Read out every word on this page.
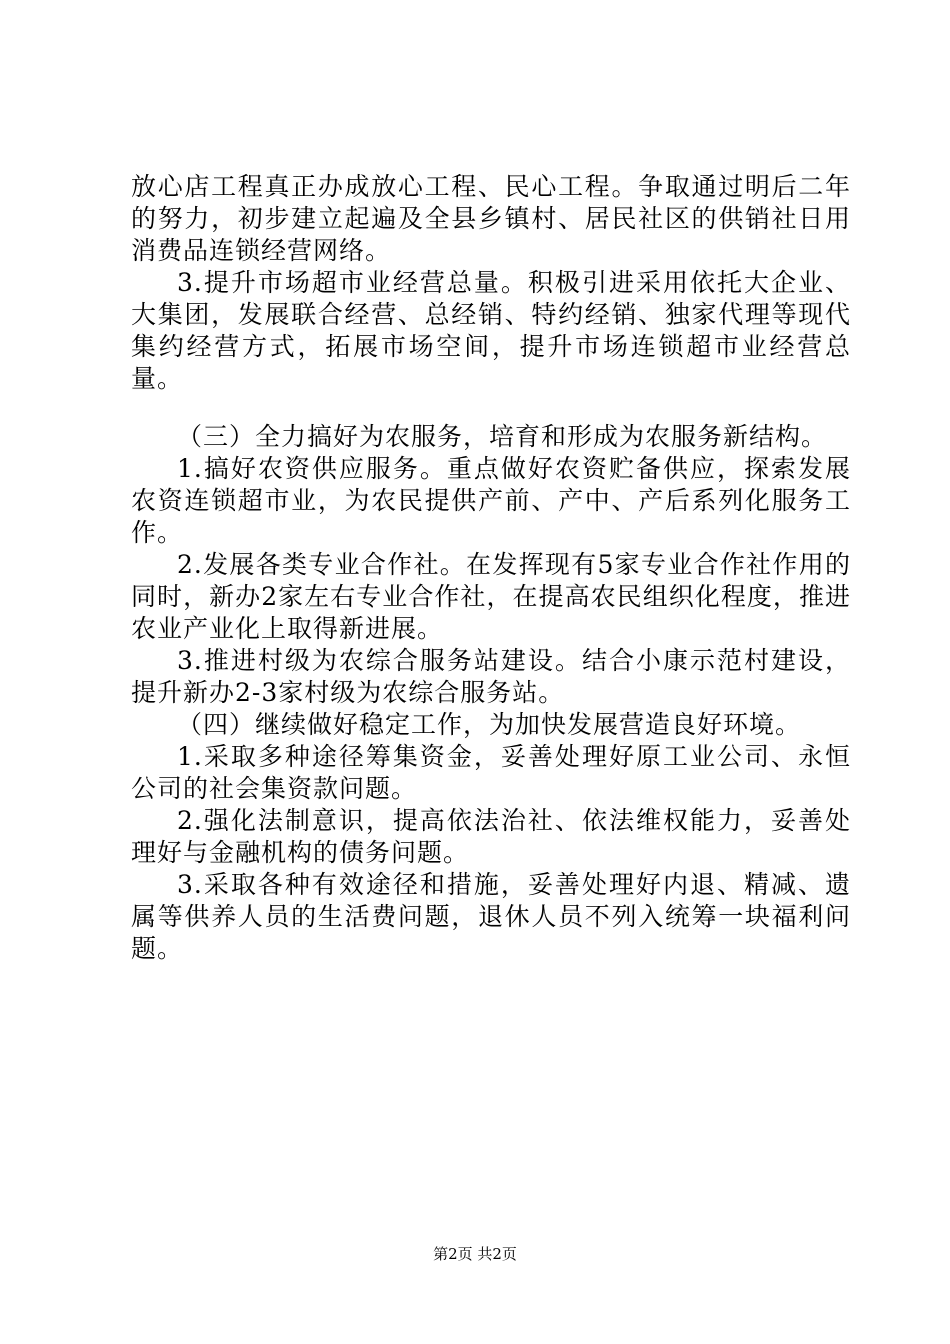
放心店工程真正办成放心工程、民心工程。争取通过明后二年的努力，初步建立起遍及全县乡镇村、居民社区的供销社日用消费品连锁经营网络。

3.提升市场超市业经营总量。积极引进采用依托大企业、大集团，发展联合经营、总经销、特约经销、独家代理等现代集约经营方式，拓展市场空间，提升市场连锁超市业经营总量。

（三）全力搞好为农服务，培育和形成为农服务新结构。

1.搞好农资供应服务。重点做好农资贮备供应，探索发展农资连锁超市业，为农民提供产前、产中、产后系列化服务工作。

2.发展各类专业合作社。在发挥现有5家专业合作社作用的同时，新办2家左右专业合作社，在提高农民组织化程度，推进农业产业化上取得新进展。

3.推进村级为农综合服务站建设。结合小康示范村建设，提升新办2-3家村级为农综合服务站。

（四）继续做好稳定工作，为加快发展营造良好环境。

1.采取多种途径筹集资金，妥善处理好原工业公司、永恒公司的社会集资款问题。

2.强化法制意识，提高依法治社、依法维权能力，妥善处理好与金融机构的债务问题。

3.采取各种有效途径和措施，妥善处理好内退、精减、遗属等供养人员的生活费问题，退休人员不列入统筹一块福利问题。

第2页 共2页
